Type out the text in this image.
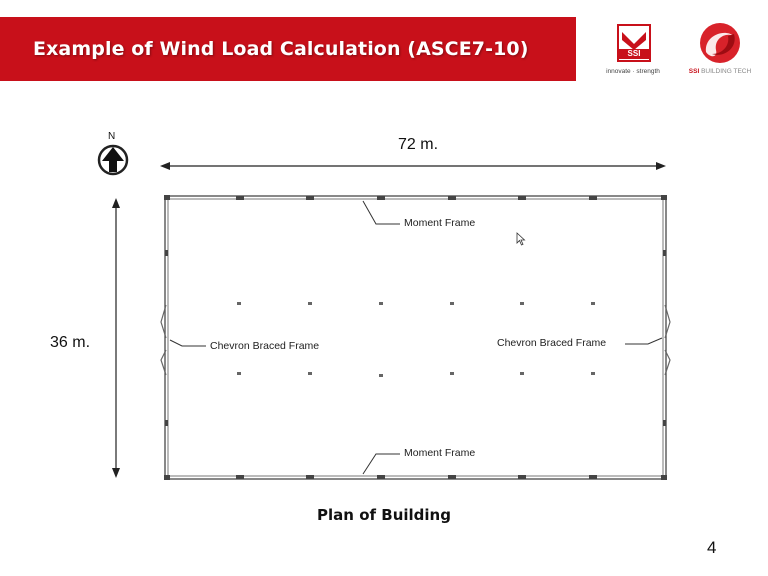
Example of Wind Load Calculation (ASCE7-10)	SSI
innovate · strength	SSI BUILDING TECH
N	72 m.
36 m.
Moment Frame
Moment Frame
Chevron Braced Frame	Chevron Braced Frame
Plan of Building
4
